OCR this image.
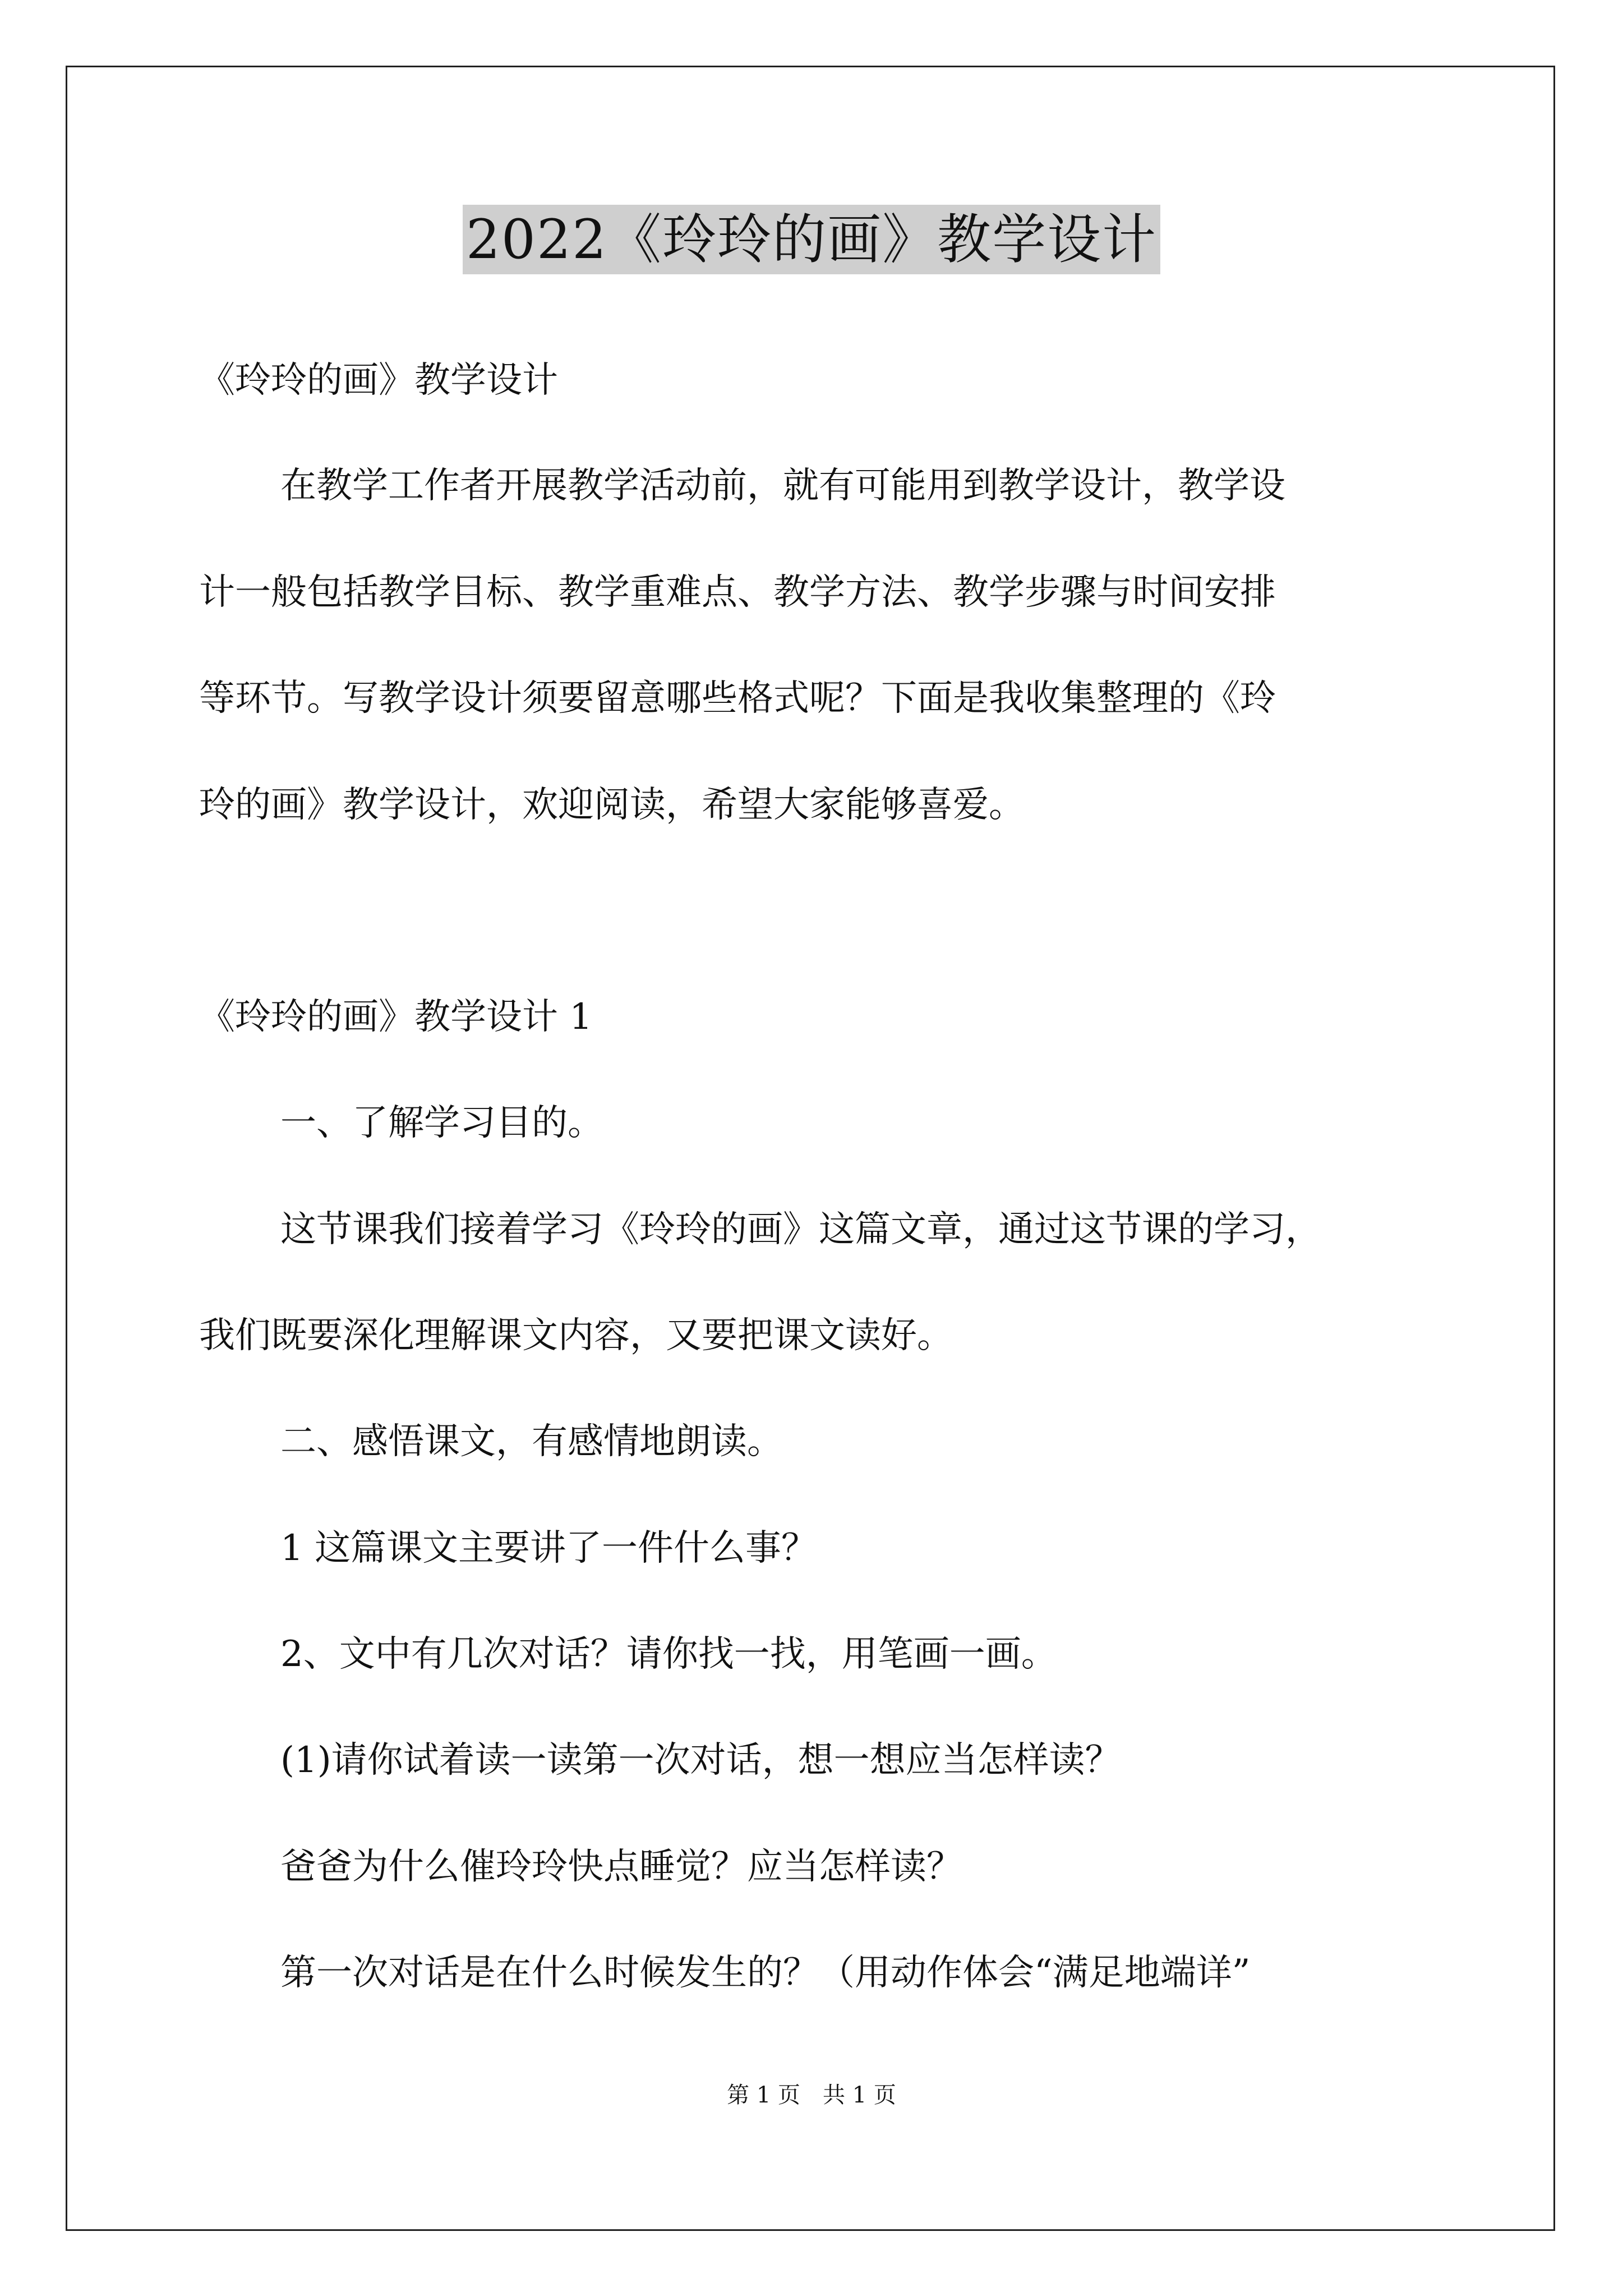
2022《玲玲的画》教学设计
《玲玲的画》教学设计
在教学工作者开展教学活动前，就有可能用到教学设计，教学设
计一般包括教学目标、教学重难点、教学方法、教学步骤与时间安排
等环节。写教学设计须要留意哪些格式呢？下面是我收集整理的《玲
玲的画》教学设计，欢迎阅读，希望大家能够喜爱。
《玲玲的画》教学设计 1
一、了解学习目的。
这节课我们接着学习《玲玲的画》这篇文章，通过这节课的学习，
我们既要深化理解课文内容，又要把课文读好。
二、感悟课文，有感情地朗读。
1 这篇课文主要讲了一件什么事？
2、文中有几次对话？请你找一找，用笔画一画。
(1)请你试着读一读第一次对话，想一想应当怎样读？
爸爸为什么催玲玲快点睡觉？应当怎样读？
第一次对话是在什么时候发生的？（用动作体会“满足地端详”
第 1 页　共 1 页
